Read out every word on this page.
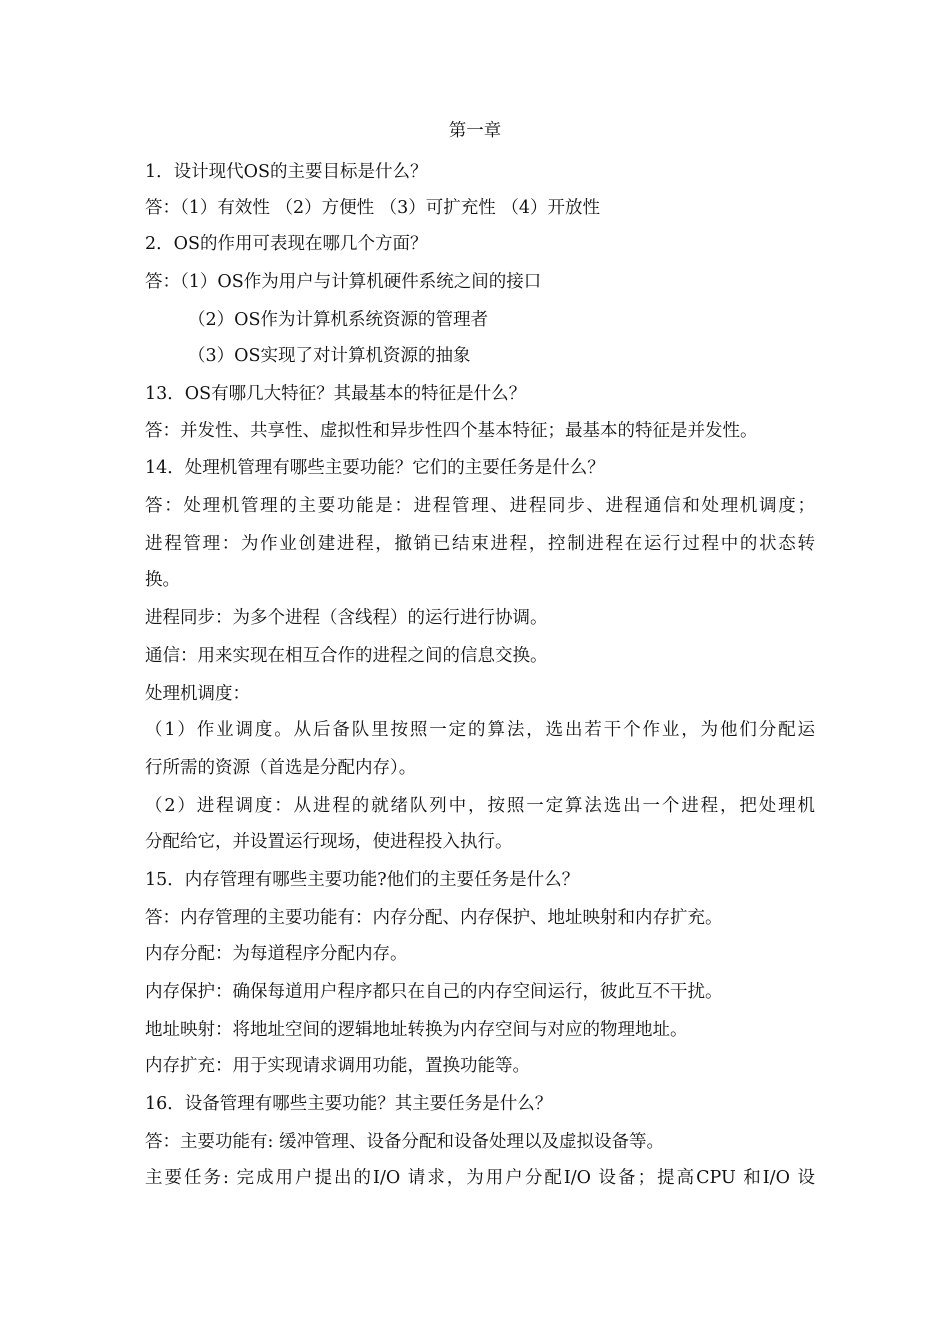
第一章
1．设计现代OS的主要目标是什么？
答：（1）有效性 （2）方便性 （3）可扩充性 （4）开放性
2．OS的作用可表现在哪几个方面？
答：（1）OS作为用户与计算机硬件系统之间的接口
（2）OS作为计算机系统资源的管理者
（3）OS实现了对计算机资源的抽象
13．OS有哪几大特征？其最基本的特征是什么？
答：并发性、共享性、虚拟性和异步性四个基本特征；最基本的特征是并发性。
14．处理机管理有哪些主要功能？它们的主要任务是什么？
答：处理机管理的主要功能是：进程管理、进程同步、进程通信和处理机调度；
进程管理：为作业创建进程，撤销已结束进程，控制进程在运行过程中的状态转
换。
进程同步：为多个进程（含线程）的运行进行协调。
通信：用来实现在相互合作的进程之间的信息交换。
处理机调度：
（1）作业调度。从后备队里按照一定的算法，选出若干个作业，为他们分配运
行所需的资源（首选是分配内存）。
（2）进程调度：从进程的就绪队列中，按照一定算法选出一个进程，把处理机
分配给它，并设置运行现场，使进程投入执行。
15．内存管理有哪些主要功能?他们的主要任务是什么？
答：内存管理的主要功能有：内存分配、内存保护、地址映射和内存扩充。
内存分配：为每道程序分配内存。
内存保护：确保每道用户程序都只在自己的内存空间运行，彼此互不干扰。
地址映射：将地址空间的逻辑地址转换为内存空间与对应的物理地址。
内存扩充：用于实现请求调用功能，置换功能等。
16．设备管理有哪些主要功能？其主要任务是什么？
答：主要功能有: 缓冲管理、设备分配和设备处理以及虚拟设备等。
主要任务: 完成用户提出的I/O 请求，为用户分配I/O 设备；提高CPU 和I/O 设
